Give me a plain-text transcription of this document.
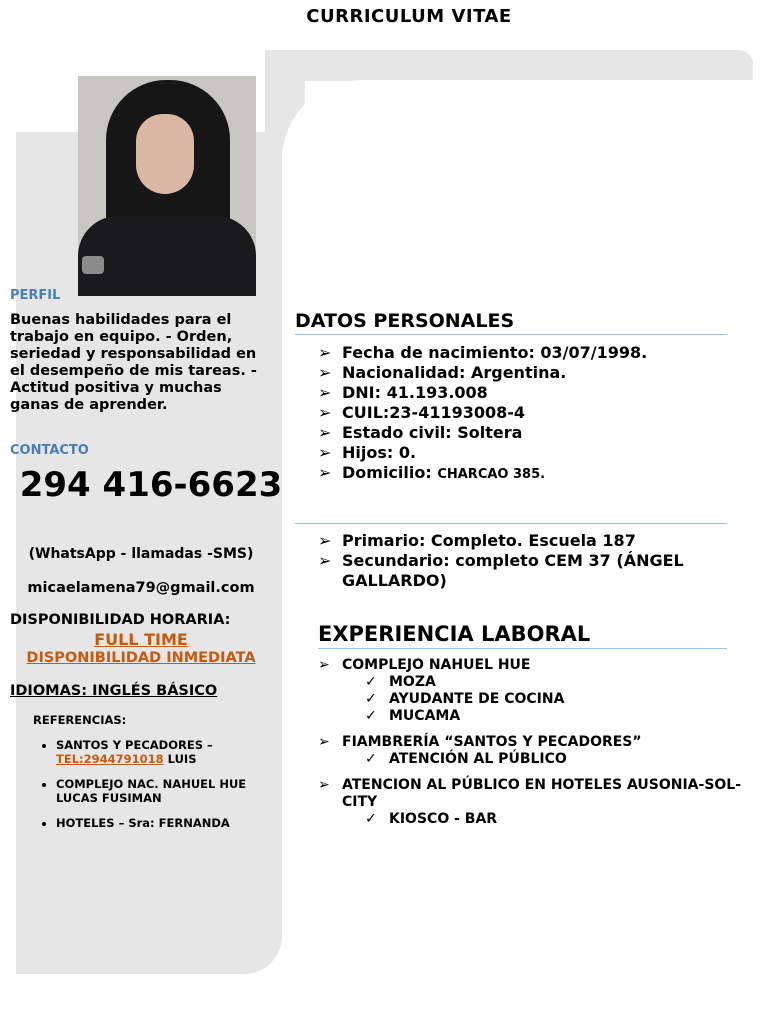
CURRICULUM VITAE
PERFIL
Buenas habilidades para el trabajo en equipo. - Orden, seriedad y responsabilidad en el desempeño de mis tareas. - Actitud positiva y muchas ganas de aprender.
CONTACTO
294 416-6623
(WhatsApp - llamadas -SMS)
micaelamena79@gmail.com
DISPONIBILIDAD HORARIA:
FULL TIME
DISPONIBILIDAD INMEDIATA
IDIOMAS: INGLÉS BÁSICO
REFERENCIAS:
• SANTOS Y PECADORES –
TEL:2944791018 LUIS
• COMPLEJO NAC. NAHUEL HUE
LUCAS FUSIMAN
• HOTELES – Sra: FERNANDA
DATOS PERSONALES
➢ Fecha de nacimiento: 03/07/1998.
➢ Nacionalidad: Argentina.
➢ DNI: 41.193.008
➢ CUIL:23-41193008-4
➢ Estado civil: Soltera
➢ Hijos: 0.
➢ Domicilio: CHARCAO 385.
➢ Primario: Completo. Escuela 187
➢ Secundario: completo CEM 37 (ÁNGEL GALLARDO)
EXPERIENCIA LABORAL
➢ COMPLEJO NAHUEL HUE
✓ MOZA
✓ AYUDANTE DE COCINA
✓ MUCAMA
➢ FIAMBRERÍA “SANTOS Y PECADORES”
✓ ATENCIÓN AL PÚBLICO
➢ ATENCION AL PÚBLICO EN HOTELES AUSONIA-SOL-CITY
✓ KIOSCO - BAR
